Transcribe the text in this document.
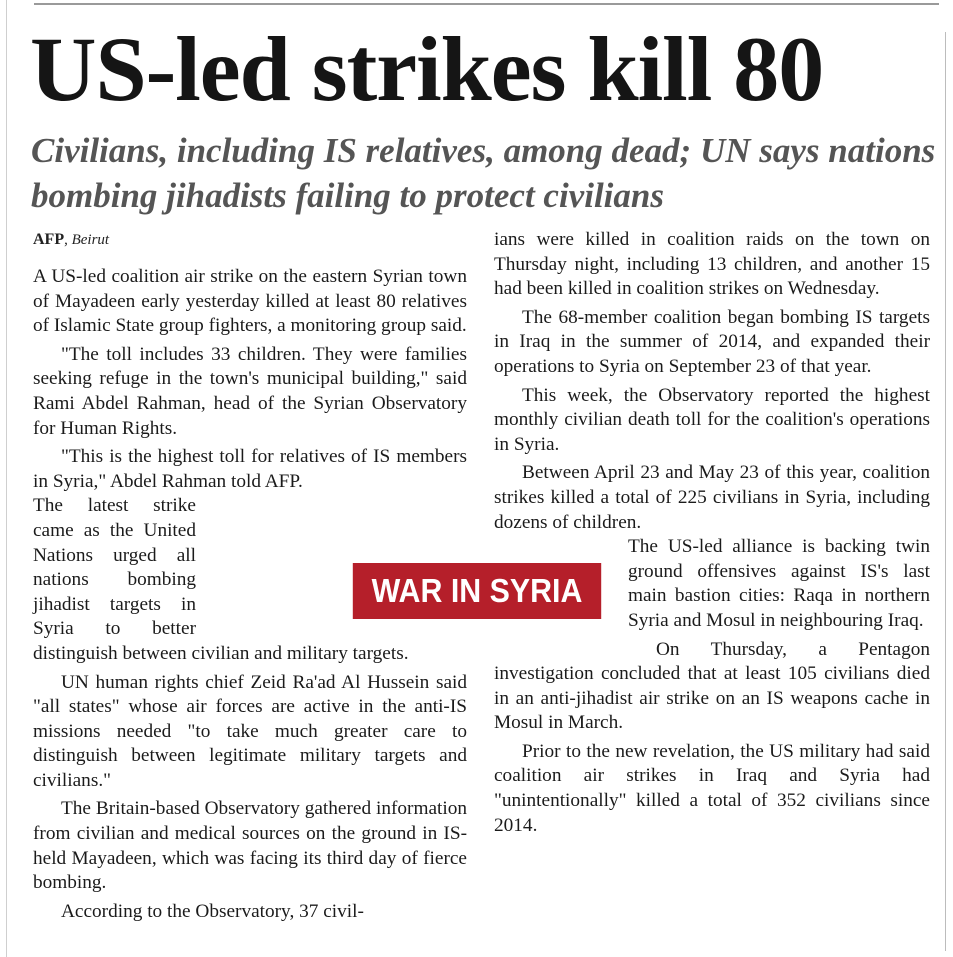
US-led strikes kill 80
Civilians, including IS relatives, among dead; UN says nations bombing jihadists failing to protect civilians
AFP, Beirut

A US-led coalition air strike on the eastern Syrian town of Mayadeen early yesterday killed at least 80 relatives of Islamic State group fighters, a monitoring group said.

"The toll includes 33 children. They were families seeking refuge in the town's municipal building," said Rami Abdel Rahman, head of the Syrian Observatory for Human Rights.

"This is the highest toll for relatives of IS members in Syria," Abdel Rahman told AFP.

The latest strike came as the United Nations urged all nations bombing jihadist targets in Syria to better distinguish between civilian and military targets.

UN human rights chief Zeid Ra'ad Al Hussein said "all states" whose air forces are active in the anti-IS missions needed "to take much greater care to distinguish between legitimate military targets and civilians."

The Britain-based Observatory gathered information from civilian and medical sources on the ground in IS-held Mayadeen, which was facing its third day of fierce bombing.

According to the Observatory, 37 civil-

ians were killed in coalition raids on the town on Thursday night, including 13 children, and another 15 had been killed in coalition strikes on Wednesday.

The 68-member coalition began bombing IS targets in Iraq in the summer of 2014, and expanded their operations to Syria on September 23 of that year.

This week, the Observatory reported the highest monthly civilian death toll for the coalition's operations in Syria.

Between April 23 and May 23 of this year, coalition strikes killed a total of 225 civilians in Syria, including dozens of children.

The US-led alliance is backing twin ground offensives against IS's last main bastion cities: Raqa in northern Syria and Mosul in neighbouring Iraq.

On Thursday, a Pentagon investigation concluded that at least 105 civilians died in an anti-jihadist air strike on an IS weapons cache in Mosul in March.

Prior to the new revelation, the US military had said coalition air strikes in Iraq and Syria had "unintentionally" killed a total of 352 civilians since 2014.

WAR IN SYRIA
